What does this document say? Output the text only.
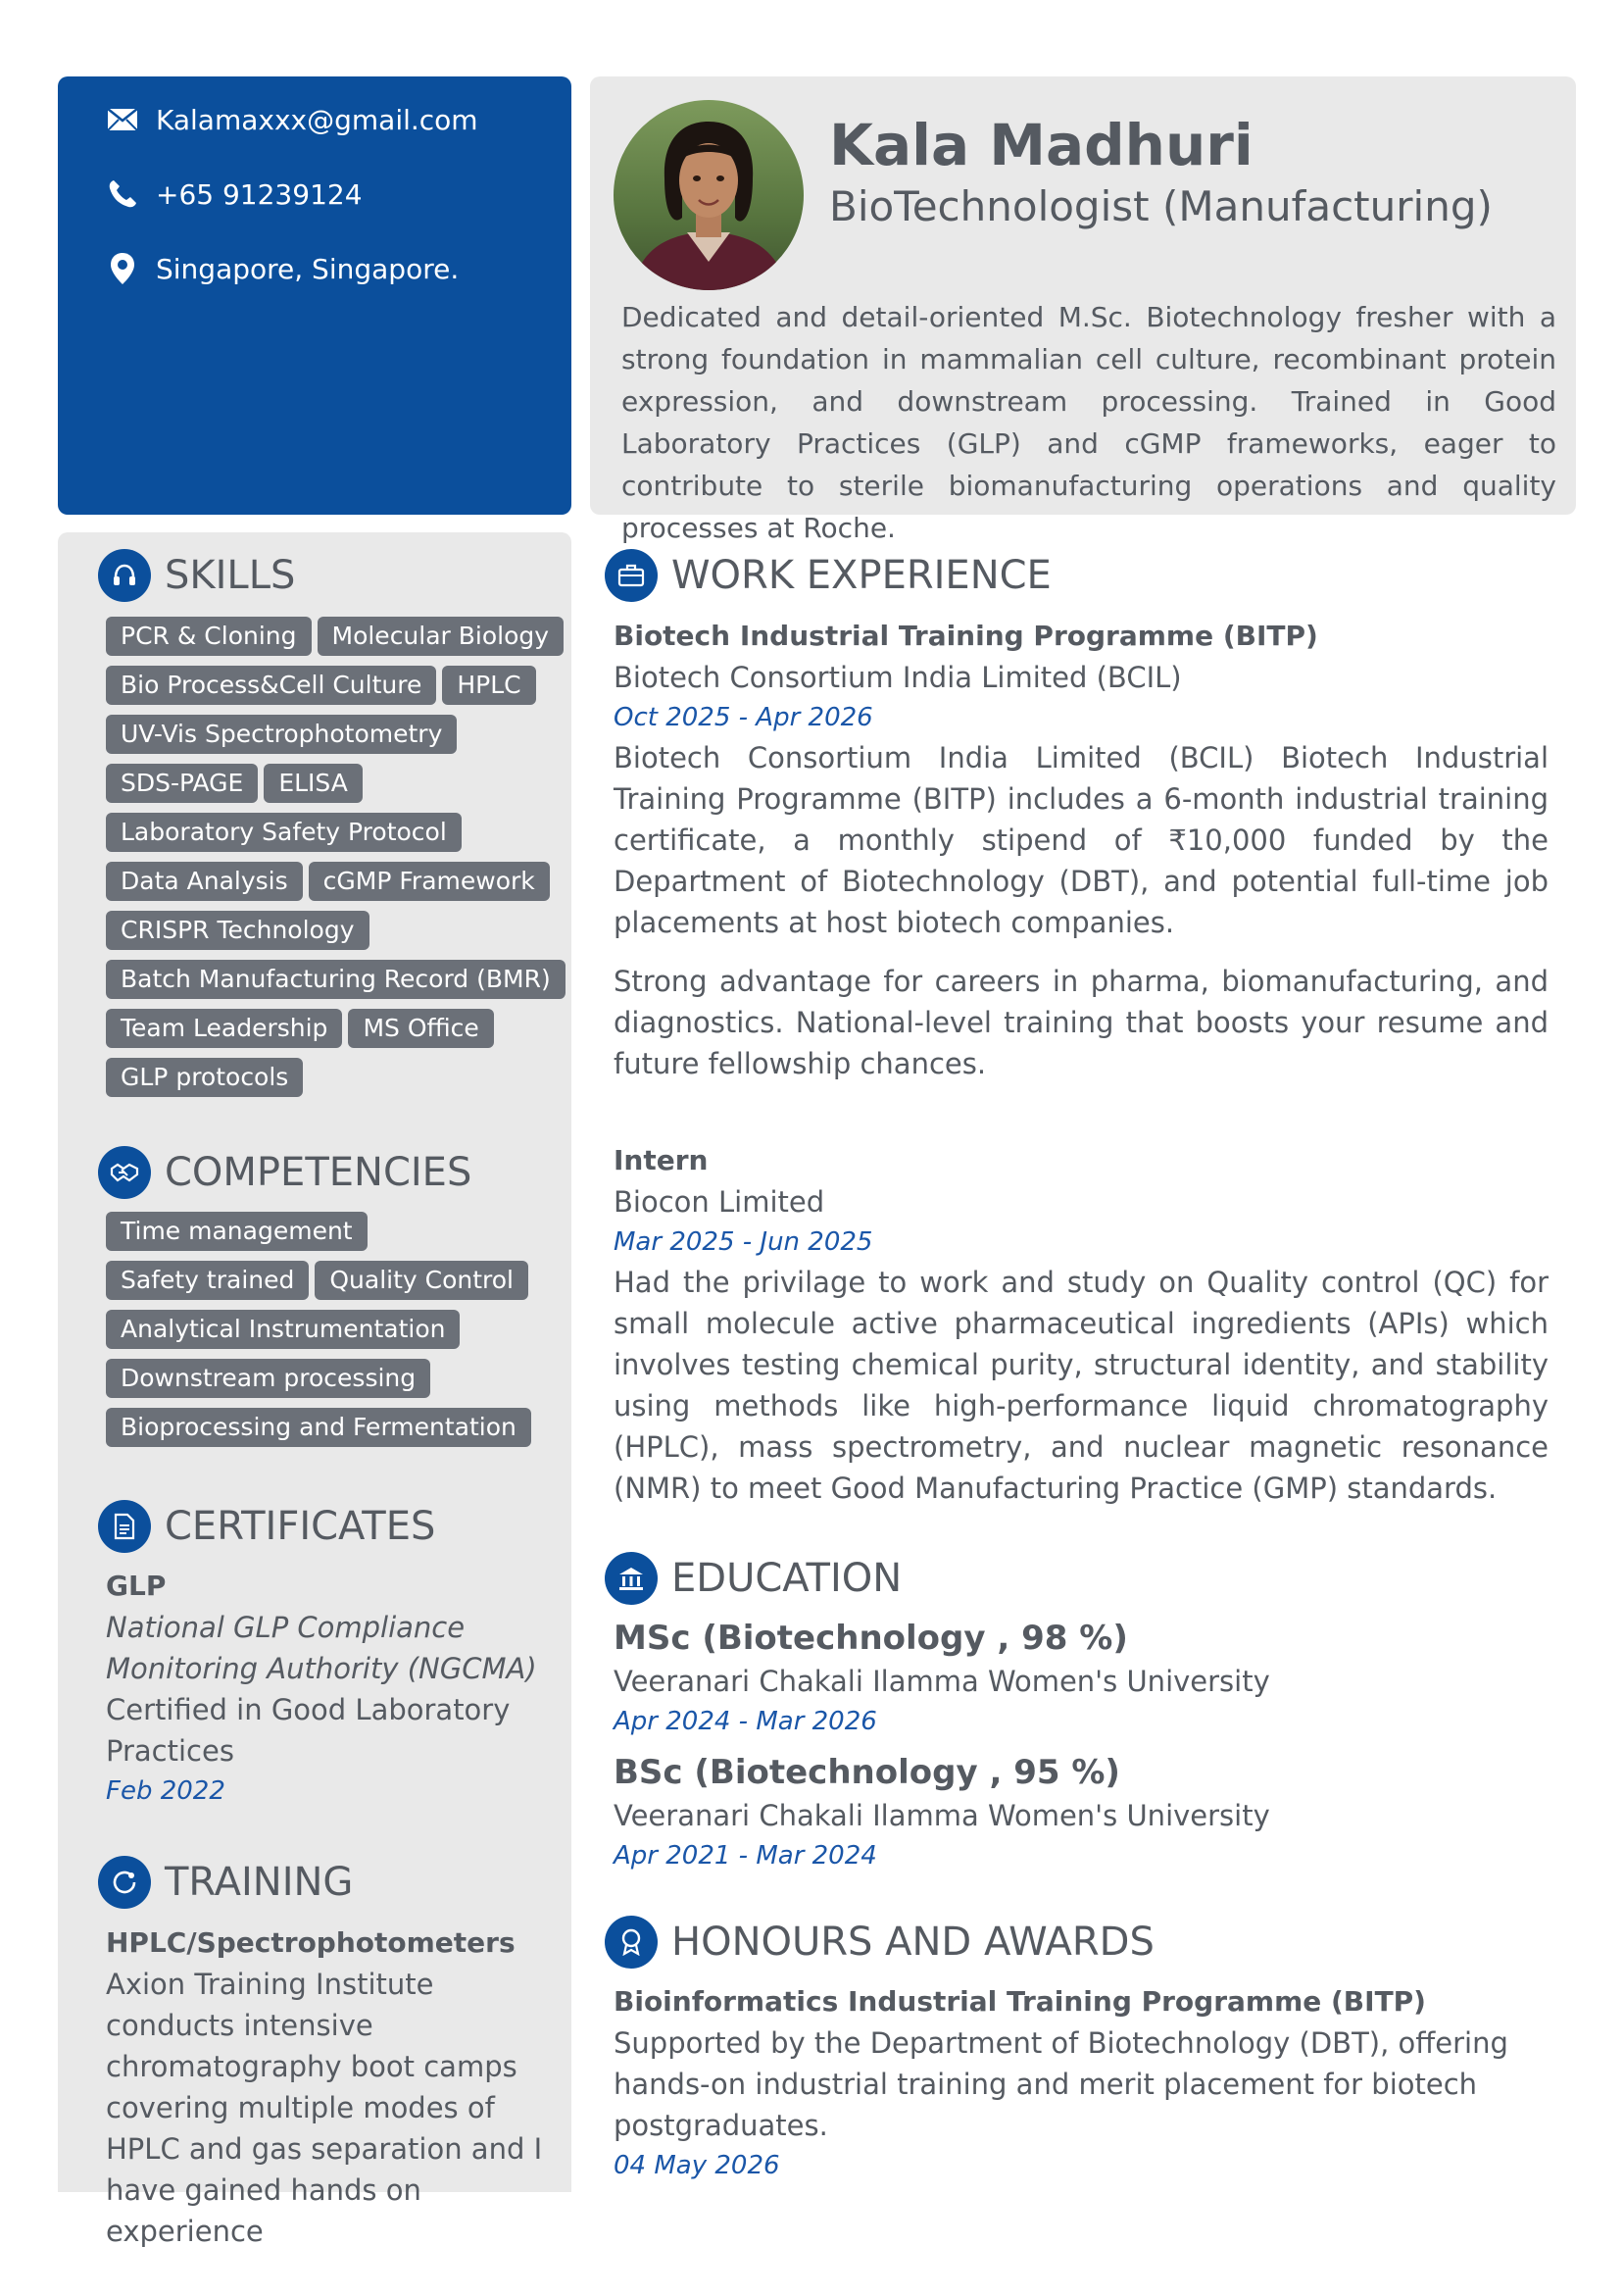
Kalamaxxx@gmail.com
+65 91239124
Singapore, Singapore.
Kala Madhuri
BioTechnologist (Manufacturing)
Dedicated and detail-oriented M.Sc. Biotechnology fresher with a strong foundation in mammalian cell culture, recombinant protein expression, and downstream processing. Trained in Good Laboratory Practices (GLP) and cGMP frameworks, eager to contribute to sterile biomanufacturing operations and quality processes at Roche.
SKILLS
PCR & Cloning Molecular Biology
Bio Process&Cell Culture HPLC
UV-Vis Spectrophotometry
SDS-PAGE ELISA
Laboratory Safety Protocol
Data Analysis cGMP Framework
CRISPR Technology
Batch Manufacturing Record (BMR)
Team Leadership MS Office
GLP protocols
COMPETENCIES
Time management
Safety trained Quality Control
Analytical Instrumentation
Downstream processing
Bioprocessing and Fermentation
CERTIFICATES
GLP
National GLP Compliance Monitoring Authority (NGCMA)
Certified in Good Laboratory Practices
Feb 2022
TRAINING
HPLC/Spectrophotometers
Axion Training Institute conducts intensive chromatography boot camps covering multiple modes of HPLC and gas separation and I have gained hands on experience
WORK EXPERIENCE
Biotech Industrial Training Programme (BITP)
Biotech Consortium India Limited (BCIL)
Oct 2025 - Apr 2026
Biotech Consortium India Limited (BCIL) Biotech Industrial Training Programme (BITP) includes a 6-month industrial training certificate, a monthly stipend of ₹10,000 funded by the Department of Biotechnology (DBT), and potential full-time job placements at host biotech companies.
Strong advantage for careers in pharma, biomanufacturing, and diagnostics. National-level training that boosts your resume and future fellowship chances.
Intern
Biocon Limited
Mar 2025 - Jun 2025
Had the privilage to work and study on Quality control (QC) for small molecule active pharmaceutical ingredients (APIs) which involves testing chemical purity, structural identity, and stability using methods like high-performance liquid chromatography (HPLC), mass spectrometry, and nuclear magnetic resonance (NMR) to meet Good Manufacturing Practice (GMP) standards.
EDUCATION
MSc (Biotechnology , 98 %)
Veeranari Chakali Ilamma Women's University
Apr 2024 - Mar 2026
BSc (Biotechnology , 95 %)
Veeranari Chakali Ilamma Women's University
Apr 2021 - Mar 2024
HONOURS AND AWARDS
Bioinformatics Industrial Training Programme (BITP)
Supported by the Department of Biotechnology (DBT), offering hands-on industrial training and merit placement for biotech postgraduates.
04 May 2026
